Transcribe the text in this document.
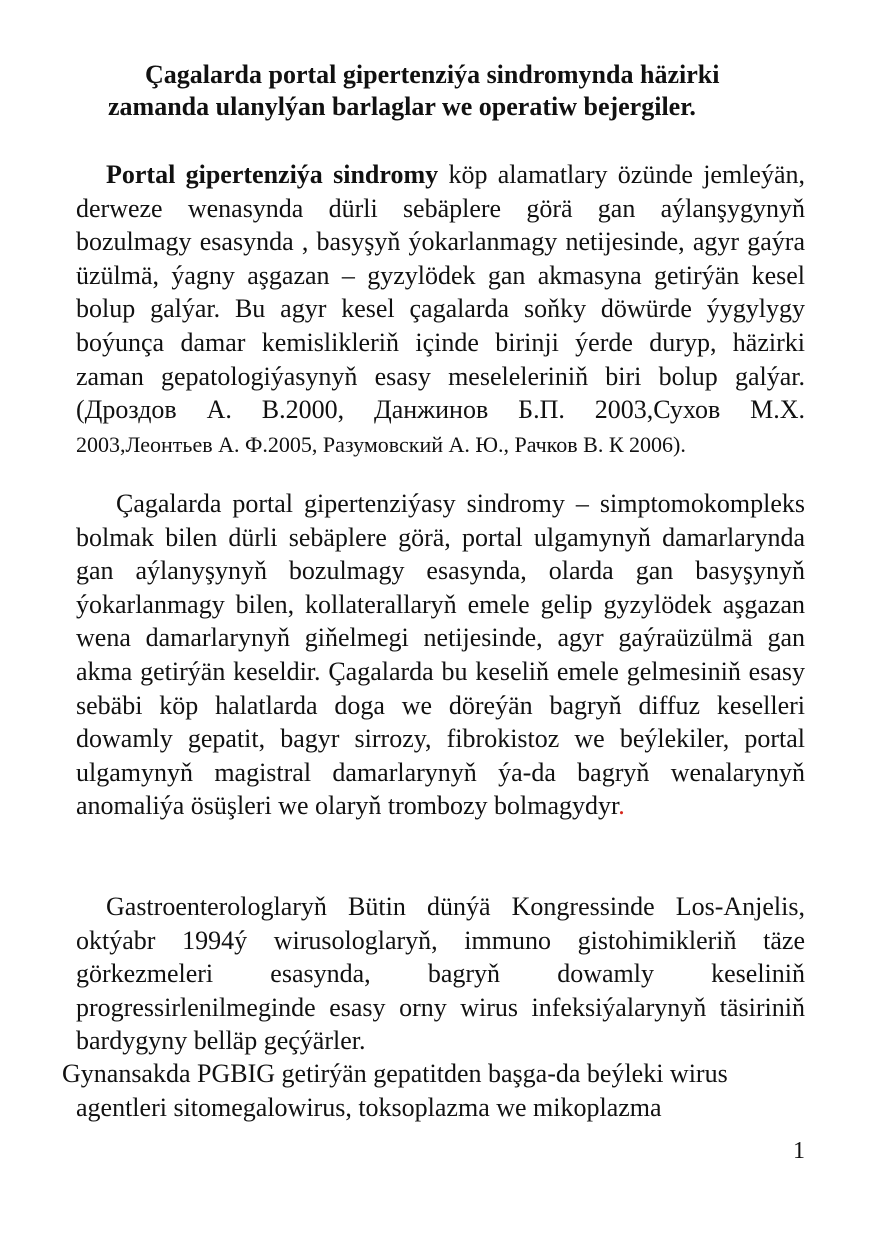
Çagalarda portal gipertenziýa sindromynda häzirki
zamanda ulanylýan barlaglar we operatiw bejergiler.
Portal gipertenziýa sindromy köp alamatlary özünde jemleýän, derweze wenasynda dürli sebäplere görä gan aýlanşygynyň bozulmagy esasynda , basyşyň ýokarlanmagy netijesinde, agyr gaýra üzülmä, ýagny aşgazan – gyzylödek gan akmasyna getirýän kesel bolup galýar. Bu agyr kesel çagalarda soňky döwürde ýygylygy boýunça damar kemislikleriň içinde birinji ýerde duryp, häzirki zaman gepatologiýasynyň esasy meseleleriniň biri bolup galýar. (Дроздов А. В.2000, Данжинов Б.П. 2003,Сухов М.Х. 2003,Леонтьев А. Ф.2005, Разумовский А. Ю., Рачков В. К 2006).
Çagalarda portal gipertenziýasy sindromy – simptomokompleks bolmak bilen dürli sebäplere görä, portal ulgamynyň damarlarynda gan aýlanyşynyň bozulmagy esasynda, olarda gan basyşynyň ýokarlanmagy bilen, kollaterallaryň emele gelip gyzylödek aşgazan wena damarlarynyň giňelmegi netijesinde, agyr gaýraüzülmä gan akma getirýän keseldir. Çagalarda bu keseliň emele gelmesiniň esasy sebäbi köp halatlarda doga we döreýän bagryň diffuz keselleri dowamly gepatit, bagyr sirrozy, fibrokistoz we beýlekiler, portal ulgamynyň magistral damarlarynyň ýa-da bagryň wenalarynyň anomaliýa ösüşleri we olaryň trombozy bolmagydyr.
Gastroenterologlaryň Bütin dünýä Kongressinde Los-Anjelis, oktýabr 1994ý wirusologlaryň, immuno gistohimikleriň täze görkezmeleri esasynda, bagryň dowamly keseliniň progressirlenilmeginde esasy orny wirus infeksiýalarynyň täsiriniň bardygyny belläp geçýärler.
Gynansakda PGBIG getirýän gepatitden başga-da beýleki wirus
agentleri sitomegalowirus, toksoplazma we mikoplazma
1
